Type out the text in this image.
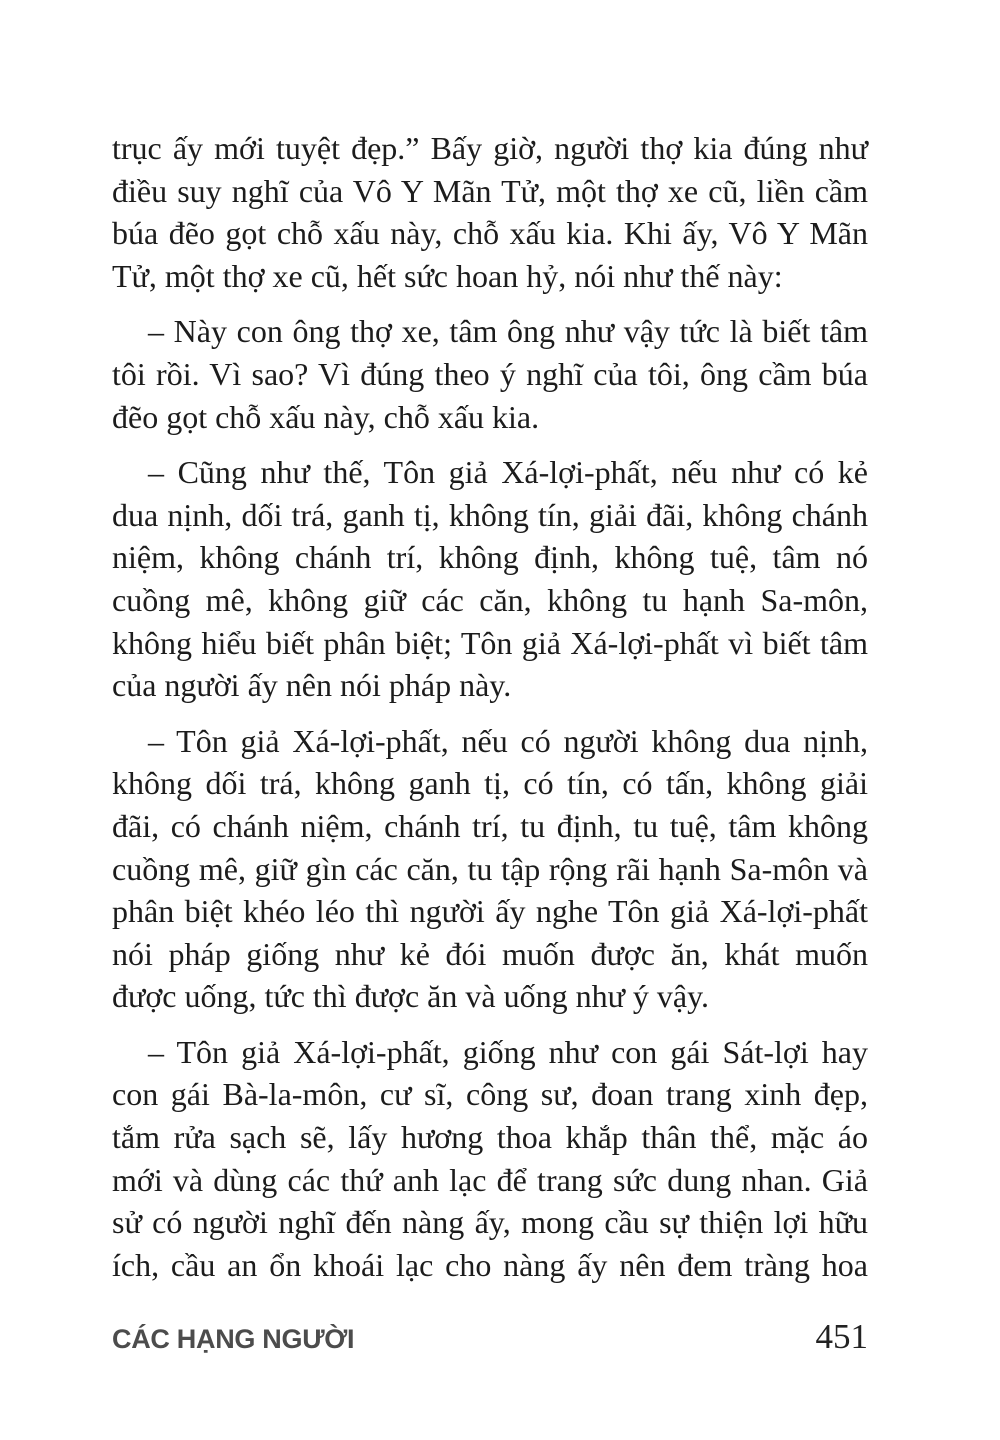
trục ấy mới tuyệt đẹp.” Bấy giờ, người thợ kia đúng như
điều suy nghĩ của Vô Y Mãn Tử, một thợ xe cũ, liền cầm
búa đẽo gọt chỗ xấu này, chỗ xấu kia. Khi ấy, Vô Y Mãn
Tử, một thợ xe cũ, hết sức hoan hỷ, nói như thế này:
– Này con ông thợ xe, tâm ông như vậy tức là biết tâm
tôi rồi. Vì sao? Vì đúng theo ý nghĩ của tôi, ông cầm búa
đẽo gọt chỗ xấu này, chỗ xấu kia.
– Cũng như thế, Tôn giả Xá-lợi-phất, nếu như có kẻ
dua nịnh, dối trá, ganh tị, không tín, giải đãi, không chánh
niệm, không chánh trí, không định, không tuệ, tâm nó
cuồng mê, không giữ các căn, không tu hạnh Sa-môn,
không hiểu biết phân biệt; Tôn giả Xá-lợi-phất vì biết tâm
của người ấy nên nói pháp này.
– Tôn giả Xá-lợi-phất, nếu có người không dua nịnh,
không dối trá, không ganh tị, có tín, có tấn, không giải
đãi, có chánh niệm, chánh trí, tu định, tu tuệ, tâm không
cuồng mê, giữ gìn các căn, tu tập rộng rãi hạnh Sa-môn và
phân biệt khéo léo thì người ấy nghe Tôn giả Xá-lợi-phất
nói pháp giống như kẻ đói muốn được ăn, khát muốn
được uống, tức thì được ăn và uống như ý vậy.
– Tôn giả Xá-lợi-phất, giống như con gái Sát-lợi hay
con gái Bà-la-môn, cư sĩ, công sư, đoan trang xinh đẹp,
tắm rửa sạch sẽ, lấy hương thoa khắp thân thể, mặc áo
mới và dùng các thứ anh lạc để trang sức dung nhan. Giả
sử có người nghĩ đến nàng ấy, mong cầu sự thiện lợi hữu
ích, cầu an ổn khoái lạc cho nàng ấy nên đem tràng hoa
CÁC HẠNG NGƯỜI	451
